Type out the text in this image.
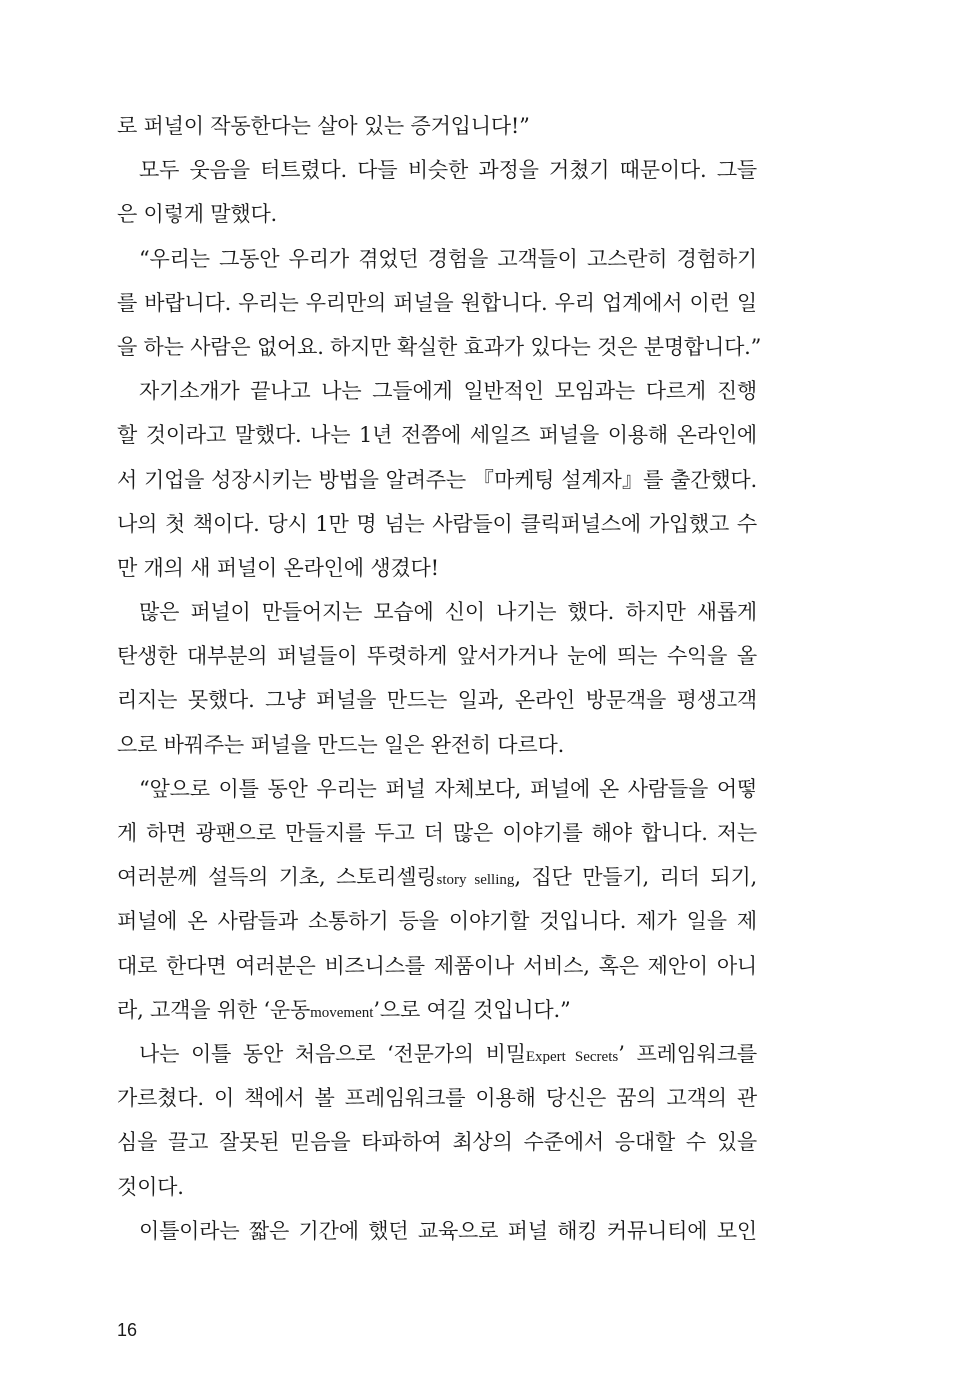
로 퍼널이 작동한다는 살아 있는 증거입니다!”
모두 웃음을 터트렸다. 다들 비슷한 과정을 거쳤기 때문이다. 그들
은 이렇게 말했다.
“우리는 그동안 우리가 겪었던 경험을 고객들이 고스란히 경험하기
를 바랍니다. 우리는 우리만의 퍼널을 원합니다. 우리 업계에서 이런 일
을 하는 사람은 없어요. 하지만 확실한 효과가 있다는 것은 분명합니다.”
자기소개가 끝나고 나는 그들에게 일반적인 모임과는 다르게 진행
할 것이라고 말했다. 나는 1년 전쯤에 세일즈 퍼널을 이용해 온라인에
서 기업을 성장시키는 방법을 알려주는 『마케팅 설계자』를 출간했다.
나의 첫 책이다. 당시 1만 명 넘는 사람들이 클릭퍼널스에 가입했고 수
만 개의 새 퍼널이 온라인에 생겼다!
많은 퍼널이 만들어지는 모습에 신이 나기는 했다. 하지만 새롭게
탄생한 대부분의 퍼널들이 뚜렷하게 앞서가거나 눈에 띄는 수익을 올
리지는 못했다. 그냥 퍼널을 만드는 일과, 온라인 방문객을 평생고객
으로 바꿔주는 퍼널을 만드는 일은 완전히 다르다.
“앞으로 이틀 동안 우리는 퍼널 자체보다, 퍼널에 온 사람들을 어떻
게 하면 광팬으로 만들지를 두고 더 많은 이야기를 해야 합니다. 저는
여러분께 설득의 기초, 스토리셀링story selling, 집단 만들기, 리더 되기,
퍼널에 온 사람들과 소통하기 등을 이야기할 것입니다. 제가 일을 제
대로 한다면 여러분은 비즈니스를 제품이나 서비스, 혹은 제안이 아니
라, 고객을 위한 ‘운동movement’으로 여길 것입니다.”
나는 이틀 동안 처음으로 ‘전문가의 비밀Expert Secrets’ 프레임워크를
가르쳤다. 이 책에서 볼 프레임워크를 이용해 당신은 꿈의 고객의 관
심을 끌고 잘못된 믿음을 타파하여 최상의 수준에서 응대할 수 있을
것이다.
이틀이라는 짧은 기간에 했던 교육으로 퍼널 해킹 커뮤니티에 모인
16
